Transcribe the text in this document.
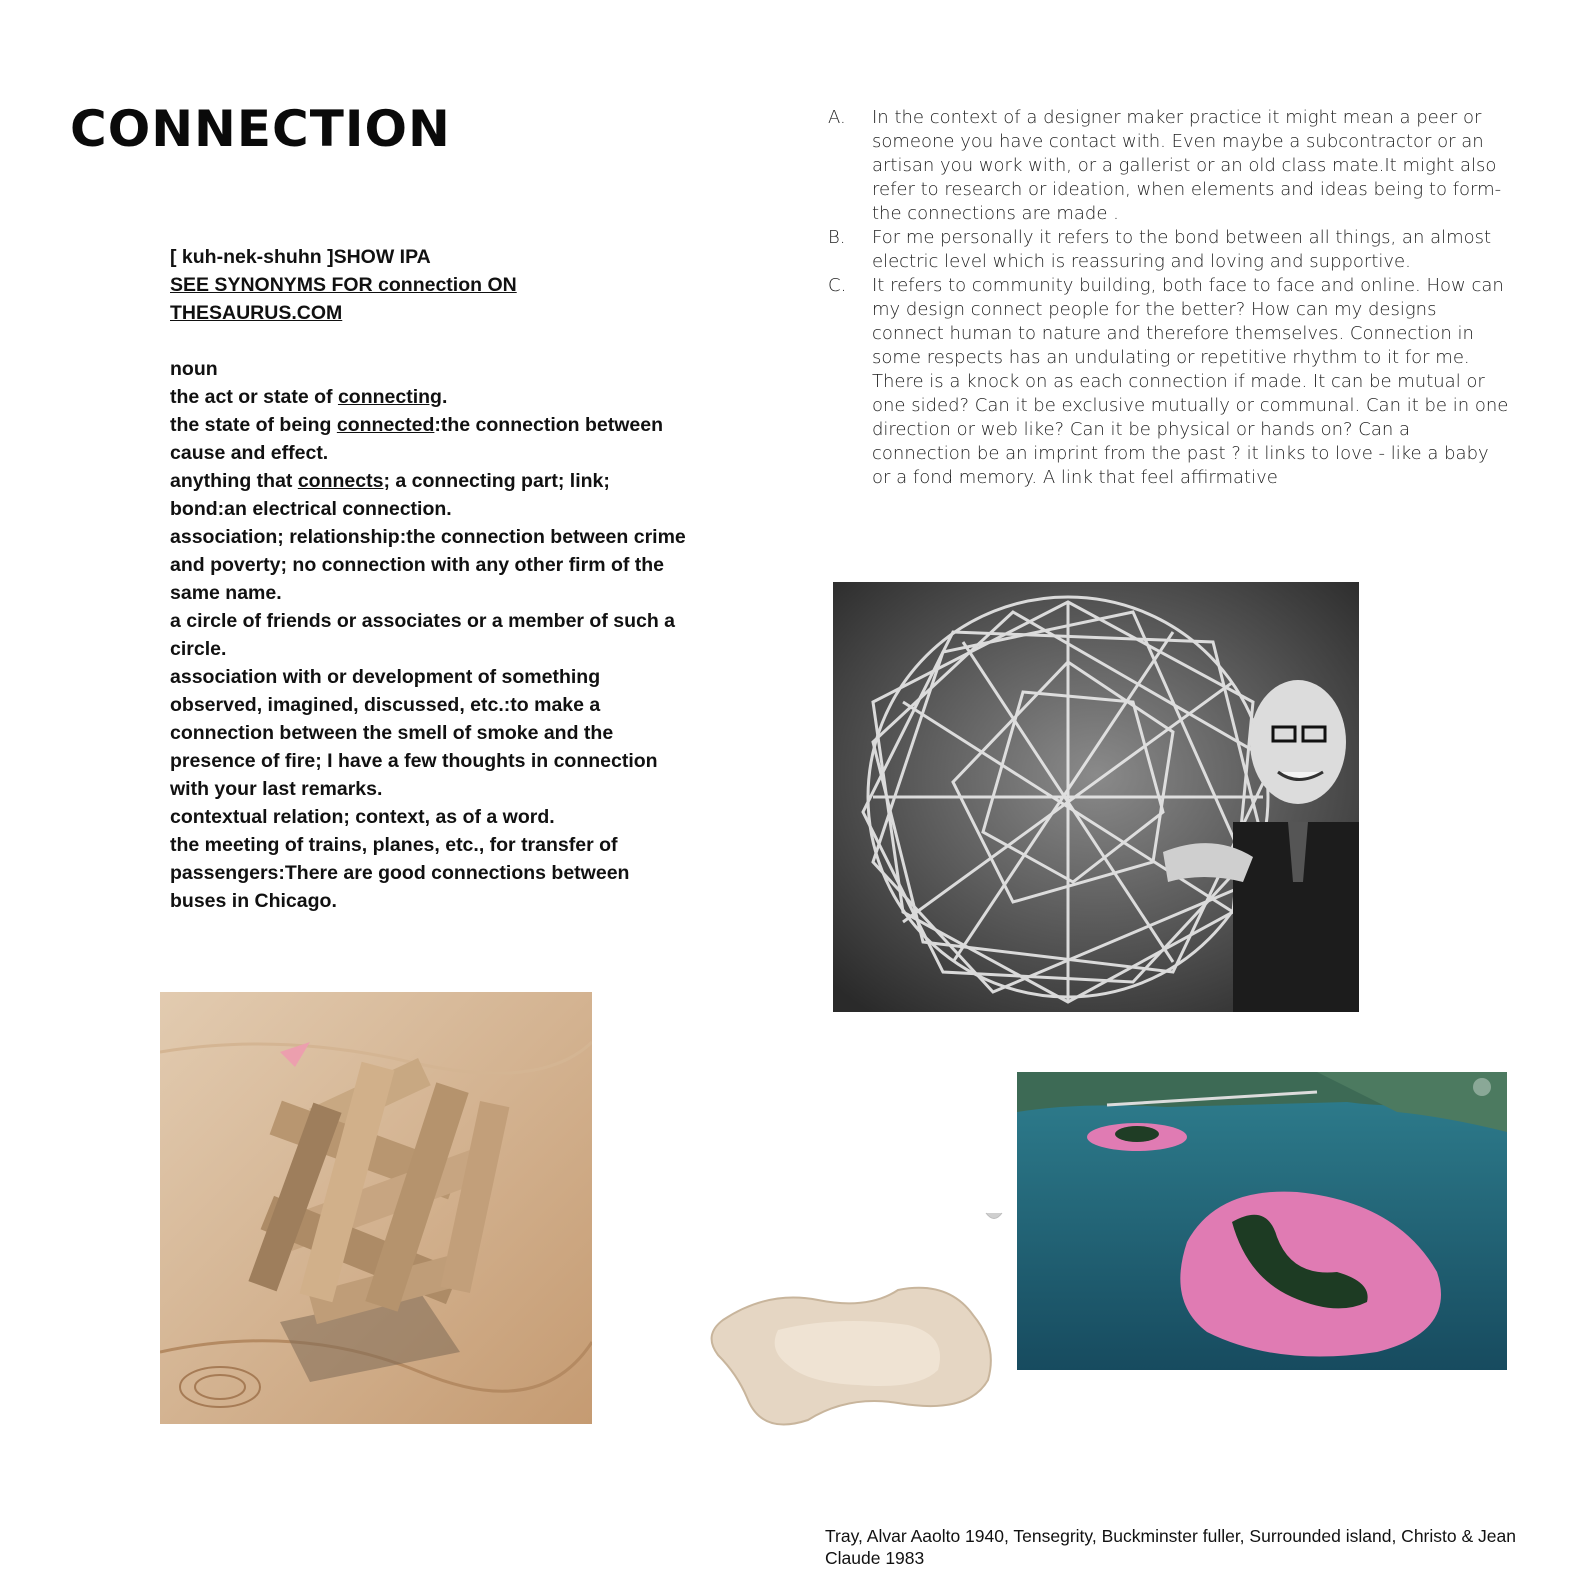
CONNECTION
[ kuh-nek-shuhn ]SHOW IPA
SEE SYNONYMS FOR connection ON THESAURUS.COM
noun
the act or state of connecting.
the state of being connected:the connection between cause and effect.
anything that connects; a connecting part; link; bond:an electrical connection.
association; relationship:the connection between crime and poverty; no connection with any other firm of the same name.
a circle of friends or associates or a member of such a circle.
association with or development of something observed, imagined, discussed, etc.:to make a connection between the smell of smoke and the presence of fire; I have a few thoughts in connection with your last remarks.
contextual relation; context, as of a word.
the meeting of trains, planes, etc., for transfer of passengers:There are good connections between buses in Chicago.
A. In the context of a designer maker practice it might mean a peer or someone you have contact with. Even maybe a subcontractor or an artisan you work with, or a gallerist or an old class mate.It might also refer to research or ideation, when elements and ideas being to form- the connections are made .
B. For me personally it refers to the bond between all things, an almost electric level which is reassuring and loving and supportive.
C. It refers to community building, both face to face and online. How can my design connect people for the better? How can my designs connect human to nature and therefore themselves. Connection in some respects has an undulating or repetitive rhythm to it for me. There is a knock on as each connection if made. It can be mutual or one sided? Can it be exclusive mutually or communal. Can it be in one direction or web like? Can it be physical or hands on? Can a connection be an imprint from the past ? it links to love - like a baby or a fond memory. A link that feel affirmative
Tray, Alvar Aaolto 1940, Tensegrity, Buckminster fuller, Surrounded island, Christo & Jean Claude 1983
